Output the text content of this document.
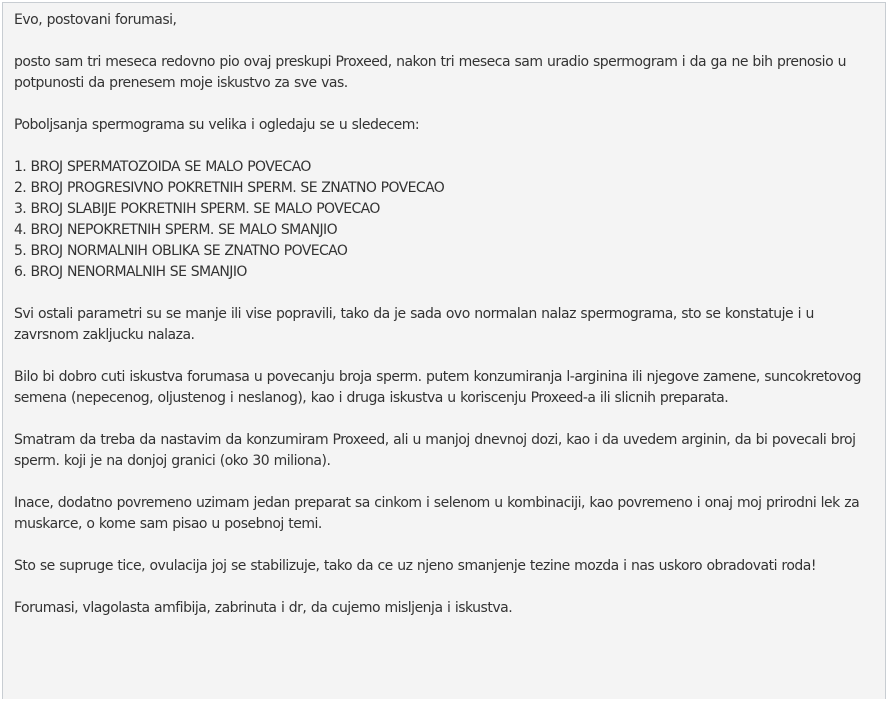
Evo, postovani forumasi,

posto sam tri meseca redovno pio ovaj preskupi Proxeed, nakon tri meseca sam uradio spermogram i da ga ne bih prenosio u potpunosti da prenesem moje iskustvo za sve vas.

Poboljsanja spermograma su velika i ogledaju se u sledecem:

1. BROJ SPERMATOZOIDA SE MALO POVECAO
2. BROJ PROGRESIVNO POKRETNIH SPERM. SE ZNATNO POVECAO
3. BROJ SLABIJE POKRETNIH SPERM. SE MALO POVECAO
4. BROJ NEPOKRETNIH SPERM. SE MALO SMANJIO
5. BROJ NORMALNIH OBLIKA SE ZNATNO POVECAO
6. BROJ NENORMALNIH SE SMANJIO

Svi ostali parametri su se manje ili vise popravili, tako da je sada ovo normalan nalaz spermograma, sto se konstatuje i u zavrsnom zakljucku nalaza.

Bilo bi dobro cuti iskustva forumasa u povecanju broja sperm. putem konzumiranja l-arginina ili njegove zamene, suncokretovog semena (nepecenog, oljustenog i neslanog), kao i druga iskustva u koriscenju Proxeed-a ili slicnih preparata.

Smatram da treba da nastavim da konzumiram Proxeed, ali u manjoj dnevnoj dozi, kao i da uvedem arginin, da bi povecali broj sperm. koji je na donjoj granici (oko 30 miliona).

Inace, dodatno povremeno uzimam jedan preparat sa cinkom i selenom u kombinaciji, kao povremeno i onaj moj prirodni lek za muskarce, o kome sam pisao u posebnoj temi.

Sto se supruge tice, ovulacija joj se stabilizuje, tako da ce uz njeno smanjenje tezine mozda i nas uskoro obradovati roda!

Forumasi, vlagolasta amfibija, zabrinuta i dr, da cujemo misljenja i iskustva.
